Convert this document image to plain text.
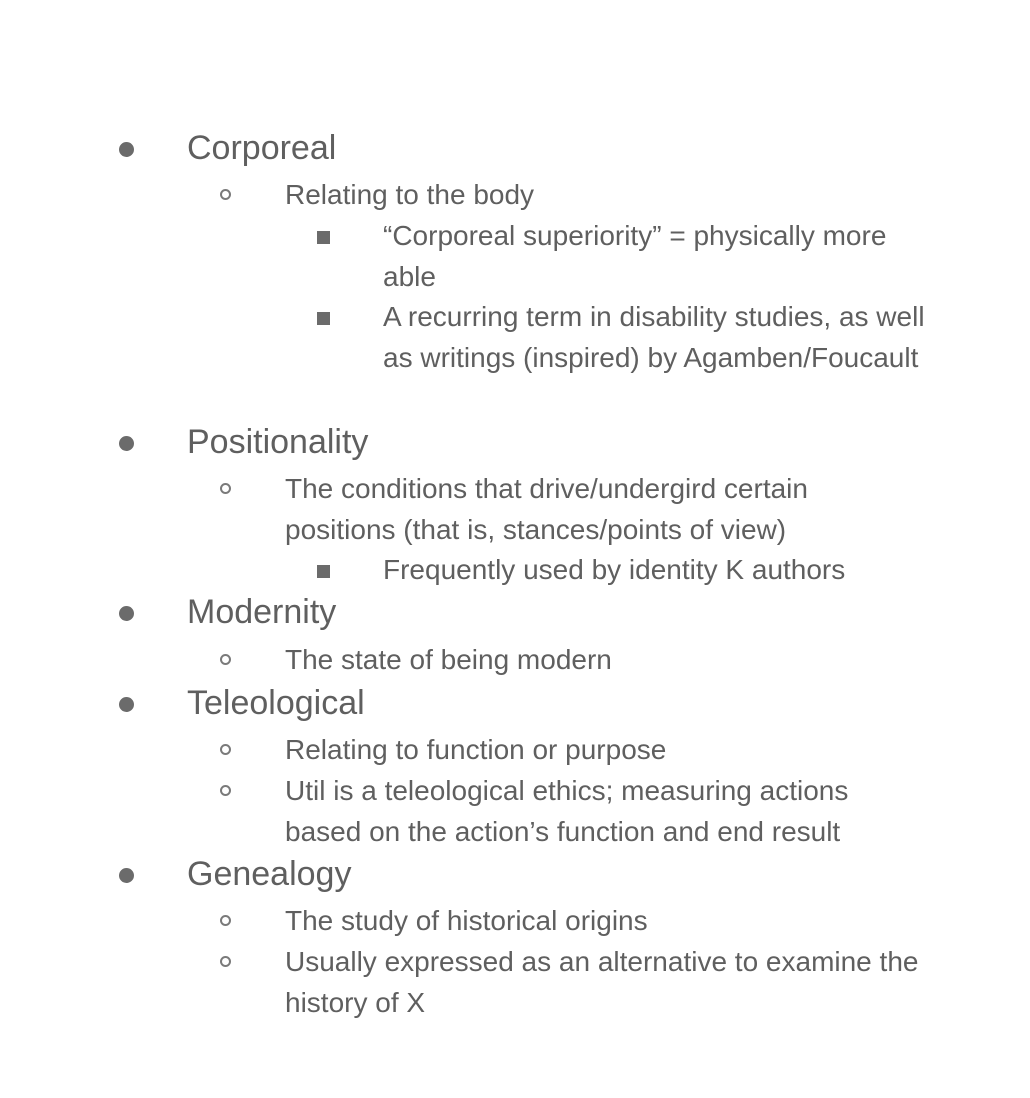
Corporeal
Relating to the body
“Corporeal superiority” = physically more able
A recurring term in disability studies, as well as writings (inspired) by Agamben/Foucault
Positionality
The conditions that drive/undergird certain positions (that is, stances/points of view)
Frequently used by identity K authors
Modernity
The state of being modern
Teleological
Relating to function or purpose
Util is a teleological ethics; measuring actions based on the action’s function and end result
Genealogy
The study of historical origins
Usually expressed as an alternative to examine the history of X
